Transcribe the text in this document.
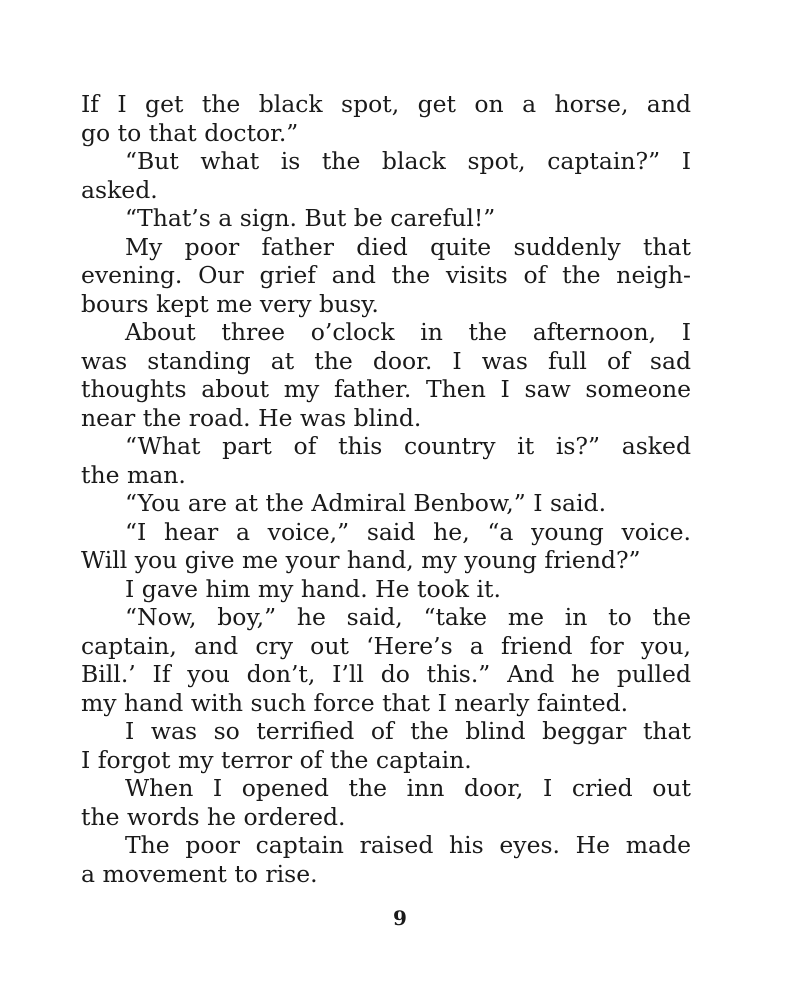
If I get the black spot, get on a horse, and
go to that doctor.”
“But what is the black spot, captain?” I
asked.
“That’s a sign. But be careful!”
My poor father died quite suddenly that
evening. Our grief and the visits of the neigh-
bours kept me very busy.
About three o’clock in the afternoon, I
was standing at the door. I was full of sad
thoughts about my father. Then I saw someone
near the road. He was blind.
“What part of this country it is?” asked
the man.
“You are at the Admiral Benbow,” I said.
“I hear a voice,” said he, “a young voice.
Will you give me your hand, my young friend?”
I gave him my hand. He took it.
“Now, boy,” he said, “take me in to the
captain, and cry out ‘Here’s a friend for you,
Bill.’ If you don’t, I’ll do this.” And he pulled
my hand with such force that I nearly fainted.
I was so terrified of the blind beggar that
I forgot my terror of the captain.
When I opened the inn door, I cried out
the words he ordered.
The poor captain raised his eyes. He made
a movement to rise.
9
